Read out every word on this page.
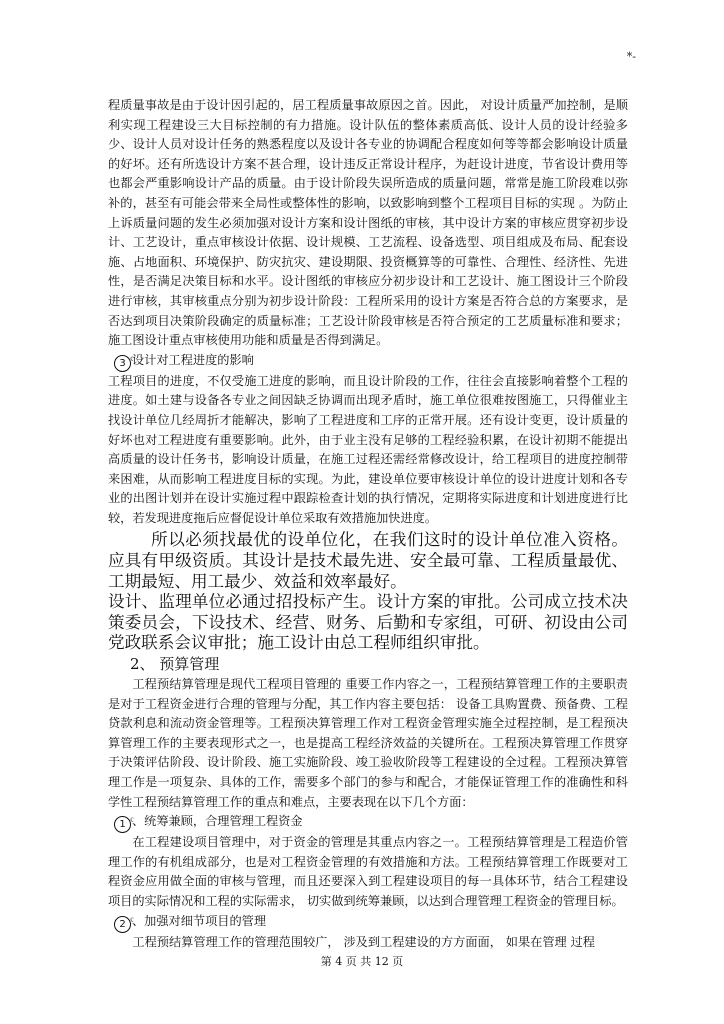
*-

程质量事故是由于设计因引起的，居工程质量事故原因之首。因此， 对设计质量严加控制，是顺利实现工程建设三大目标控制的有力措施。设计队伍的整体素质高低、设计人员的设计经验多少、设计人员对设计任务的熟悉程度以及设计各专业的协调配合程度如何等等都会影响设计质量的好坏。还有所选设计方案不甚合理，设计违反正常设计程序，为赶设计进度，节省设计费用等也都会严重影响设计产品的质量。由于设计阶段失误所造成的质量问题，常常是施工阶段难以弥补的，甚至有可能会带来全局性或整体性的影响，以致影响到整个工程项目目标的实现 。为防止上诉质量问题的发生必须加强对设计方案和设计图纸的审核，其中设计方案的审核应贯穿初步设计、工艺设计，重点审核设计依据、设计规模、工艺流程、设备选型、项目组成及布局、配套设施、占地面积、环境保护、防灾抗灾、建设期限、投资概算等的可靠性、合理性、经济性、先进性，是否满足决策目标和水平。设计图纸的审核应分初步设计和工艺设计、施工图设计三个阶段进行审核，其审核重点分别为初步设计阶段：工程所采用的设计方案是否符合总的方案要求，是否达到项目决策阶段确定的质量标准；工艺设计阶段审核是否符合预定的工艺质量标准和要求；施工图设计重点审核使用功能和质量是否得到满足。

3 ͨ设计对工程进度的影响

工程项目的进度，不仅受施工进度的影响，而且设计阶段的工作，往往会直接影响着整个工程的进度。如土建与设备各专业之间因缺乏协调而出现矛盾时，施工单位很难按图施工，只得催业主找设计单位几经周折才能解决，影响了工程进度和工序的正常开展。还有设计变更，设计质量的好坏也对工程进度有重要影响。此外，由于业主没有足够的工程经验积累，在设计初期不能提出高质量的设计任务书，影响设计质量，在施工过程还需经常修改设计，给工程项目的进度控制带来困难，从而影响工程进度目标的实现。为此，建设单位要审核设计单位的设计进度计划和各专业的出图计划并在设计实施过程中跟踪检查计划的执行情况，定期将实际进度和计划进度进行比较，若发现进度拖后应督促设计单位采取有效措施加快进度。

所以必须找最优的设单位化，在我们这时的设计单位准入资格。应具有甲级资质。其设计是技术最先进、安全最可靠、工程质量最优、工期最短、用工最少、效益和效率最好。

设计、监理单位必通过招投标产生。设计方案的审批。公司成立技术决策委员会，下设技术、经营、财务、后勤和专家组，可研、初设由公司党政联系会议审批；施工设计由总工程师组织审批。

2、 预算管理

工程预结算管理是现代工程项目管理的 重要工作内容之一，工程预结算管理工作的主要职责是对于工程资金进行合理的管理与分配，其工作内容主要包括： 设备工具购置费、预备费、工程贷款利息和流动资金管理等。工程预决算管理工作对工程资金管理实施全过程控制，是工程预决算管理工作的主要表现形式之一，也是提高工程经济效益的关键所在。工程预决算管理工作贯穿于决策评估阶段、设计阶段、施工实施阶段、竣工验收阶段等工程建设的全过程。工程预决算管理工作是一项复杂、具体的工作，需要多个部门的参与和配合，才能保证管理工作的准确性和科学性工程预结算管理工作的重点和难点，主要表现在以下几个方面：

1 ͨ、统筹兼顾，合理管理工程资金

在工程建设项目管理中，对于资金的管理是其重点内容之一。工程预结算管理是工程造价管理工作的有机组成部分，也是对工程资金管理的有效措施和方法。工程预结算管理工作既要对工程资金应用做全面的审核与管理，而且还要深入到工程建设项目的每一具体环节，结合工程建设项目的实际情况和工程的实际需求， 切实做到统筹兼顾，以达到合理管理工程资金的管理目标。

2 ͨ、加强对细节项目的管理

工程预结算管理工作的管理范围较广， 涉及到工程建设的方方面面， 如果在管理 过程

第 4 页 共 12 页
